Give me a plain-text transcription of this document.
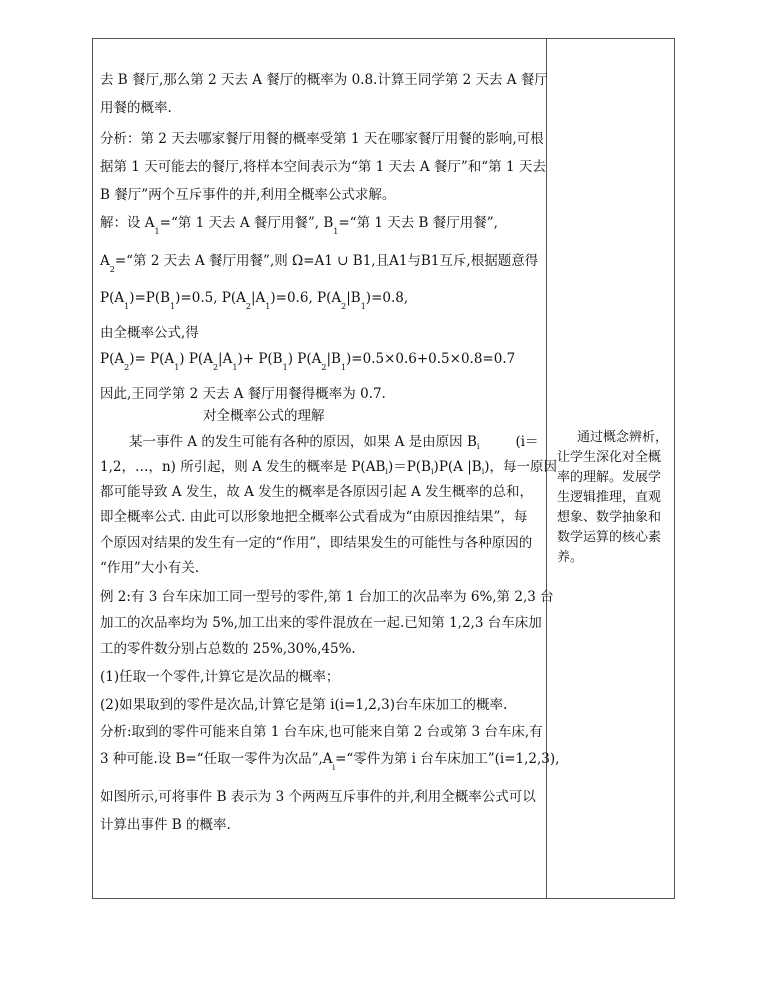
去 B 餐厅,那么第 2 天去 A 餐厅的概率为 0.8.计算王同学第 2 天去 A 餐厅
用餐的概率.
分析：第 2 天去哪家餐厅用餐的概率受第 1 天在哪家餐厅用餐的影响,可根
据第 1 天可能去的餐厅,将样本空间表示为“第 1 天去 A 餐厅”和“第 1 天去
B 餐厅”两个互斥事件的并,利用全概率公式求解。
解：设 $A_1=“$第 1 天去 A 餐厅用餐”, $B_1=“$第 1 天去 B 餐厅用餐”,
$A_2=“$第 2 天去 A 餐厅用餐”,则 Ω=A1 ∪ B1,且A1与B1互斥,根据题意得
$P(A_1)=P(B_1)=0.5$, $P(A_2|A_1)=0.6$, $P(A_2|B_1)=0.8$,
由全概率公式,得
$P(A_2)= P(A_1)$ $P(A_2|A_1)+ P(B_1)$ $P(A_2|B_1)=0.5\times 0.6+0.5\times 0.8=0.7$
因此,王同学第 2 天去 A 餐厅用餐得概率为 0.7.
对全概率公式的理解
某一事件 A 的发生可能有各种的原因，如果 A 是由原因 $B_i$	(i＝
1,2，…，n) 所引起，则 A 发生的概率是 $P(AB_i)=P(B_i)P(A$ $|B_i$)，每一原因
都可能导致 A 发生，故 A 发生的概率是各原因引起 A 发生概率的总和，
即全概率公式. 由此可以形象地把全概率公式看成为“由原因推结果”，每
个原因对结果的发生有一定的“作用”，即结果发生的可能性与各种原因的
“作用”大小有关.
例 2:有 3 台车床加工同一型号的零件,第 1 台加工的次品率为 6%,第 2,3 台
加工的次品率均为 5%,加工出来的零件混放在一起.已知第 1,2,3 台车床加
工的零件数分别占总数的 25%,30%,45%.
(1)任取一个零件,计算它是次品的概率；
(2)如果取到的零件是次品,计算它是第 i(i=1,2,3)台车床加工的概率.
分析:取到的零件可能来自第 1 台车床,也可能来自第 2 台或第 3 台车床,有
3 种可能.设 B=“任取一零件为次品$”,A_i=“$零件为第 i 台车床加工”(i=1,2,3),
如图所示,可将事件 B 表示为 3 个两两互斥事件的并,利用全概率公式可以
计算出事件 B 的概率.
通过概念辨析，
让学生深化对全概
率的理解。发展学
生逻辑推理，直观
想象、数学抽象和
数学运算的核心素
养。
